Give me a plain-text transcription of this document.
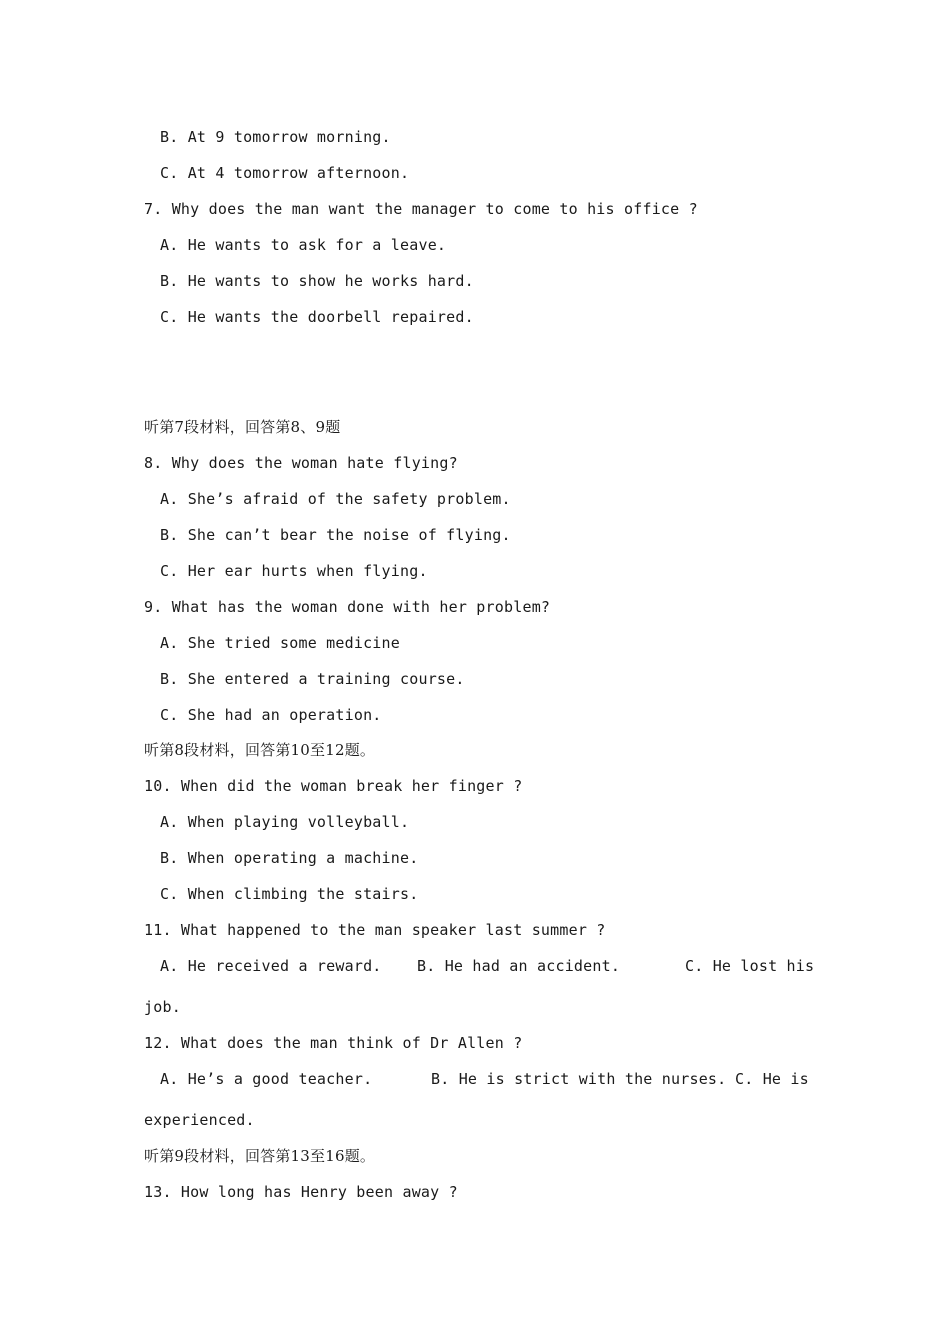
B. At 9 tomorrow morning.
C. At 4 tomorrow afternoon.
7. Why does the man want the manager to come to his office ?
A. He wants to ask for a leave.
B. He wants to show he works hard.
C. He wants the doorbell repaired.
听第7段材料，回答第8、9题
8. Why does the woman hate flying?
A. She’s afraid of the safety problem.
B. She can’t bear the noise of flying.
C. Her ear hurts when flying.
9. What has the woman done with her problem?
A. She tried some medicine
B. She entered a training course.
C. She had an operation.
听第8段材料，回答第10至12题。
10. When did the woman break her finger ?
A. When playing volleyball.
B. When operating a machine.
C. When climbing the stairs.
11. What happened to the man speaker last summer ?
A. He received a reward. B. He had an accident.	C. He lost his
job.
12. What does the man think of Dr Allen ?
A. He’s a good teacher.	B. He is strict with the nurses. C. He is
experienced.
听第9段材料，回答第13至16题。
13. How long has Henry been away ?
